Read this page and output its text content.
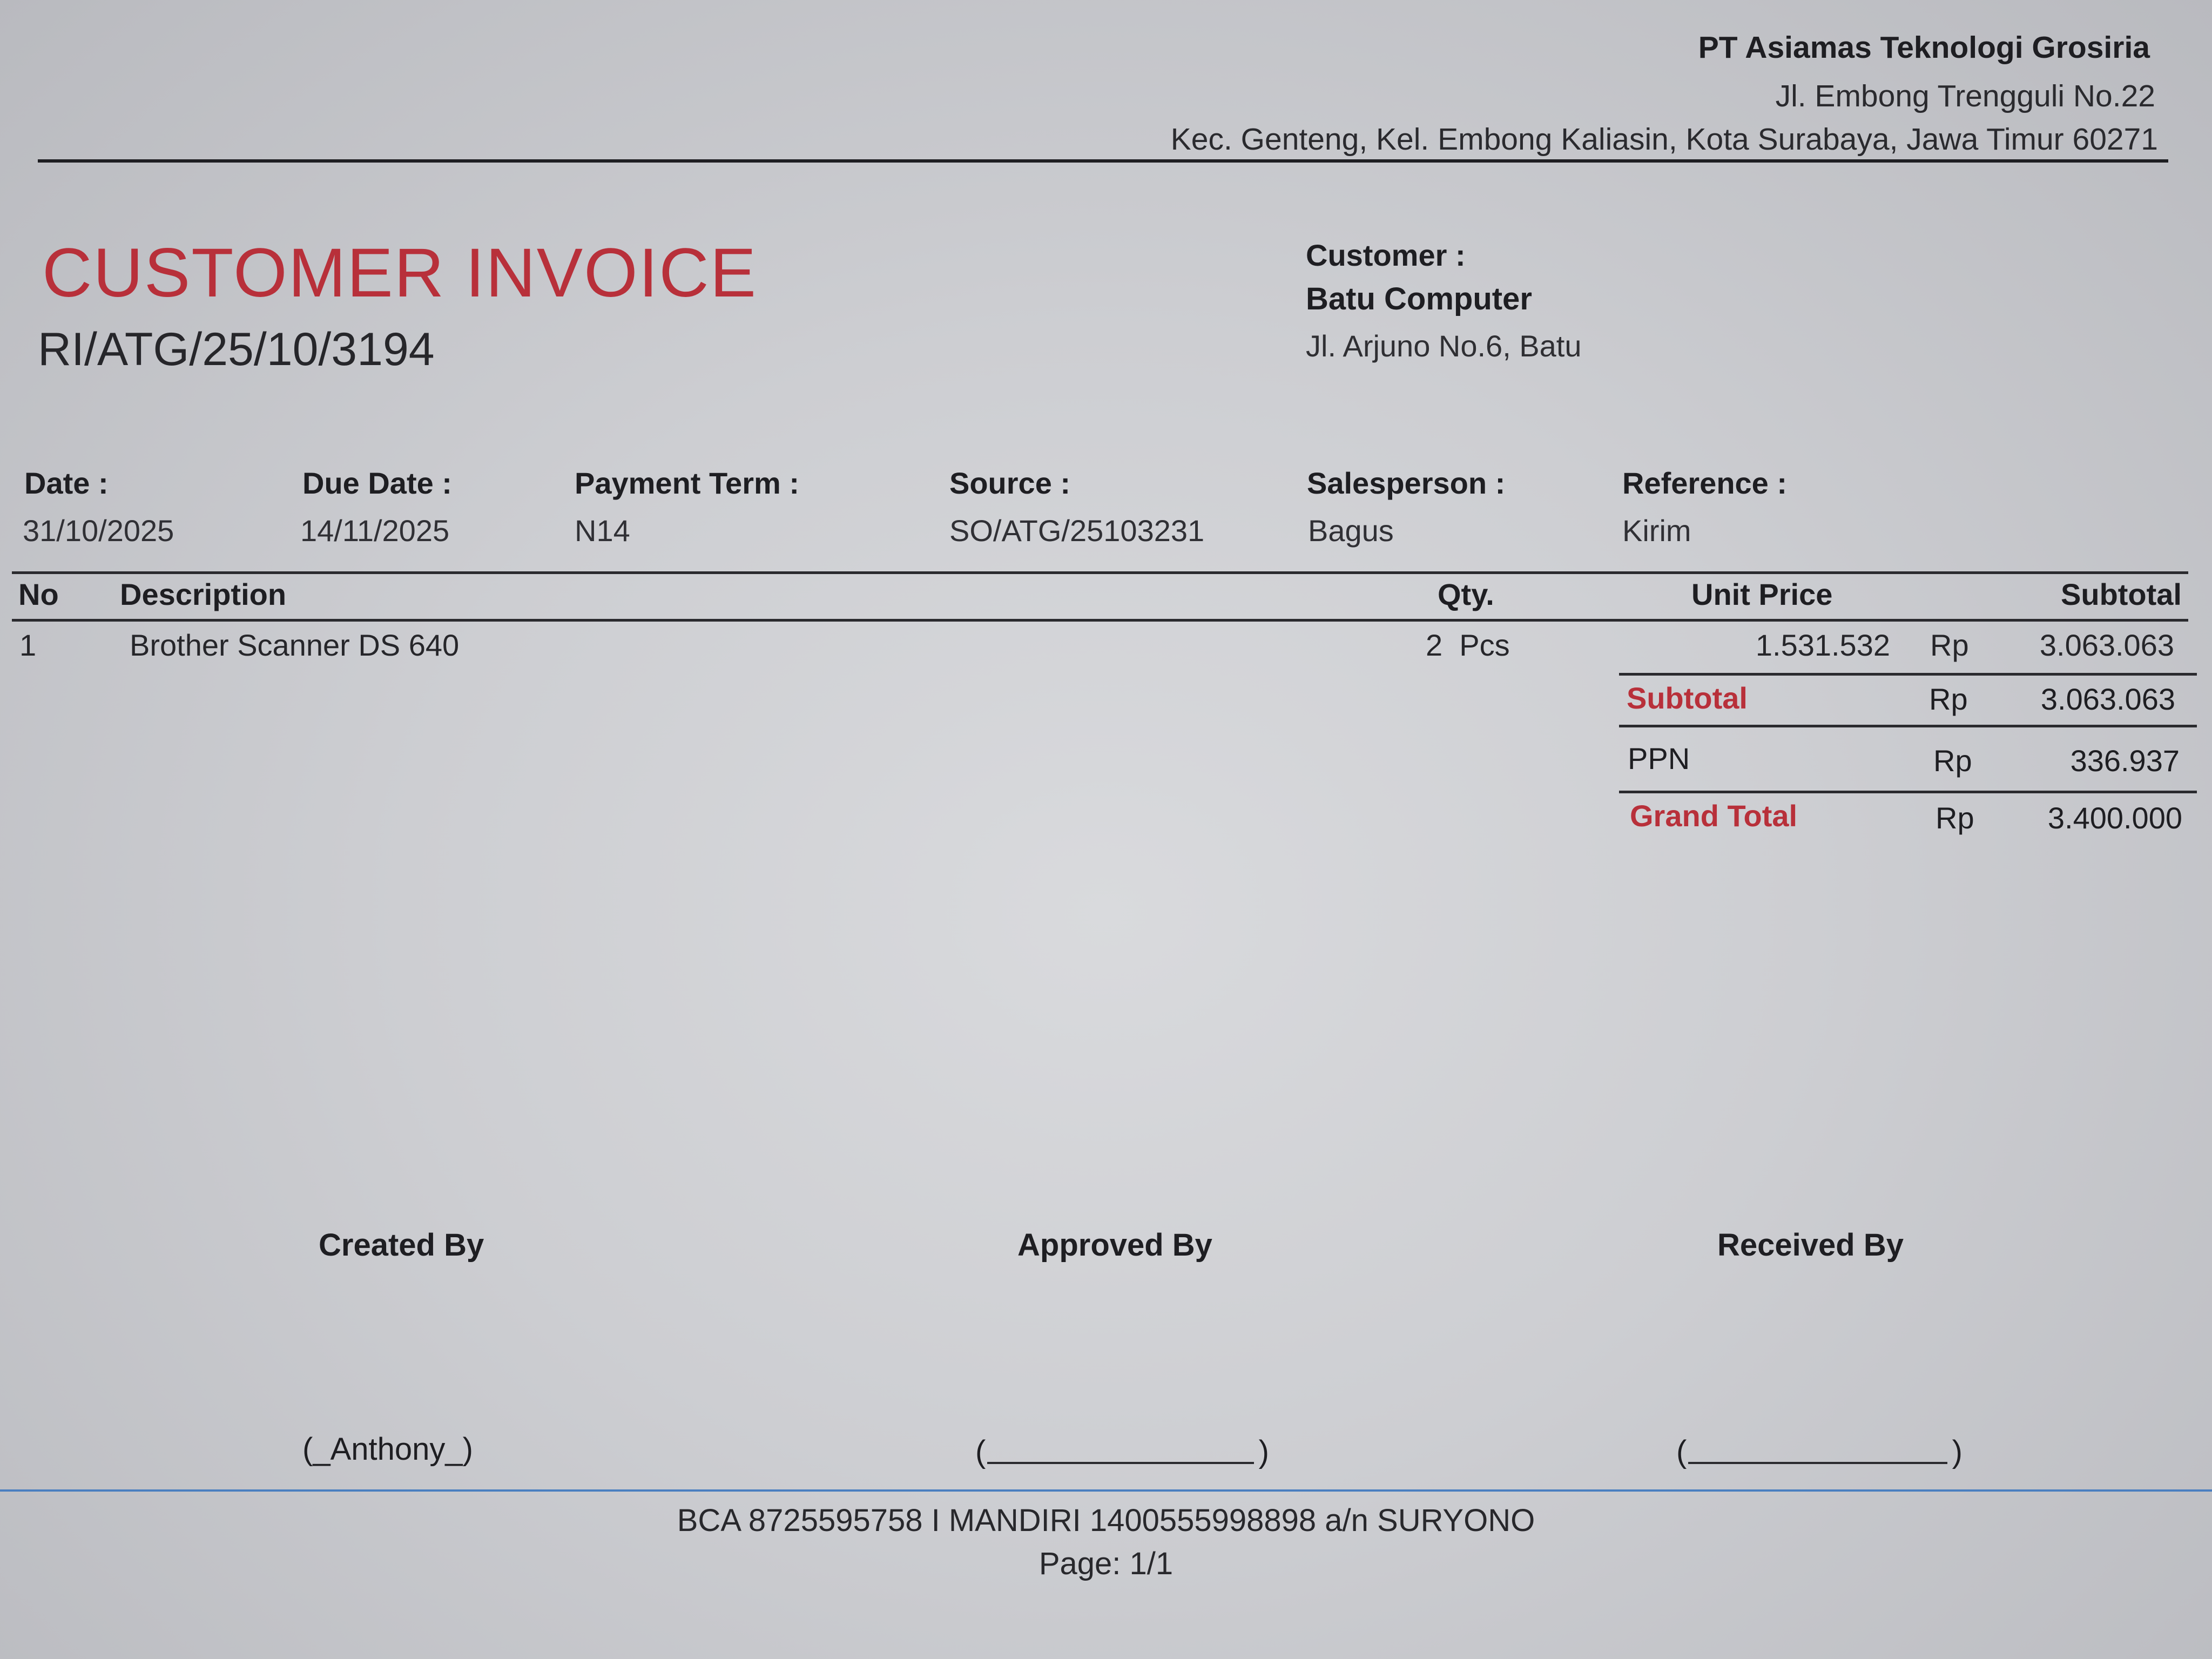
PT Asiamas Teknologi Grosiria
Jl. Embong Trengguli No.22
Kec. Genteng, Kel. Embong Kaliasin, Kota Surabaya, Jawa Timur 60271
CUSTOMER INVOICE
RI/ATG/25/10/3194
Customer :
Batu Computer
Jl. Arjuno No.6, Batu
Date :
31/10/2025
Due Date :
14/11/2025
Payment Term :
N14
Source :
SO/ATG/25103231
Salesperson :
Bagus
Reference :
Kirim
No Description	Qty.	Unit Price	Subtotal
1	Brother Scanner DS 640	2  Pcs	1.531.532 Rp 3.063.063
Subtotal	Rp 3.063.063
PPN	Rp	336.937
Grand Total	Rp 3.400.000
Created By	Approved By	Received By
(_Anthony_)	(	)	(	)
BCA 8725595758 I MANDIRI 1400555998898 a/n SURYONO
Page: 1/1
